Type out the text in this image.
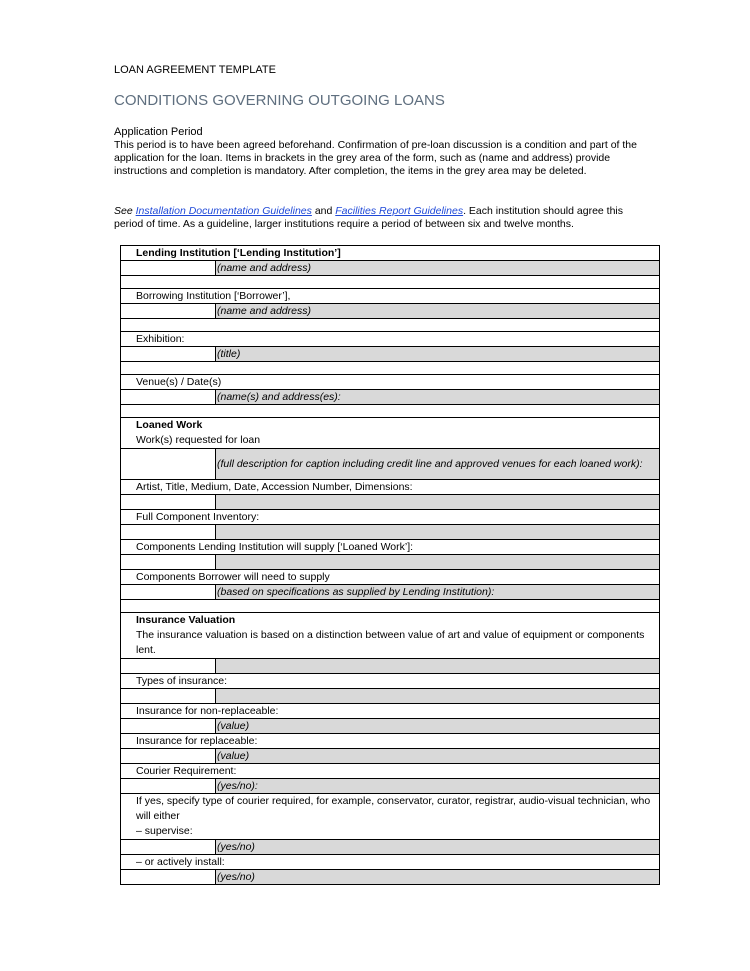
LOAN AGREEMENT TEMPLATE
CONDITIONS GOVERNING OUTGOING LOANS
Application Period
This period is to have been agreed beforehand. Confirmation of pre-loan discussion is a condition and part of the application for the loan. Items in brackets in the grey area of the form, such as (name and address) provide instructions and completion is mandatory. After completion, the items in the grey area may be deleted.
See Installation Documentation Guidelines and Facilities Report Guidelines. Each institution should agree this period of time. As a guideline, larger institutions require a period of between six and twelve months.
Lending Institution [‘Lending Institution’]	
	(name and address)

Borrowing Institution [‘Borrower’],	
	(name and address)

Exhibition:	
	(title)

Venue(s) / Date(s)	
	(name(s) and address(es):

Loaned Work
Work(s) requested for loan	

	(full description for caption including credit line and approved venues for each loaned work):
Artist, Title, Medium, Date, Accession Number, Dimensions:	

Full Component Inventory:	

Components Lending Institution will supply [‘Loaned Work’]:	

Components Borrower will need to supply	
	(based on specifications as supplied by Lending Institution):

Insurance Valuation
The insurance valuation is based on a distinction between value of art and value of equipment or components lent.	

Types of insurance:	

Insurance for non-replaceable:	
	(value)
Insurance for replaceable:	
	(value)
Courier Requirement:	
	(yes/no):

If yes, specify type of courier required, for example, conservator, curator, registrar, audio-visual technician, who will either
– supervise:	

	(yes/no)
– or actively install:	
	(yes/no)
